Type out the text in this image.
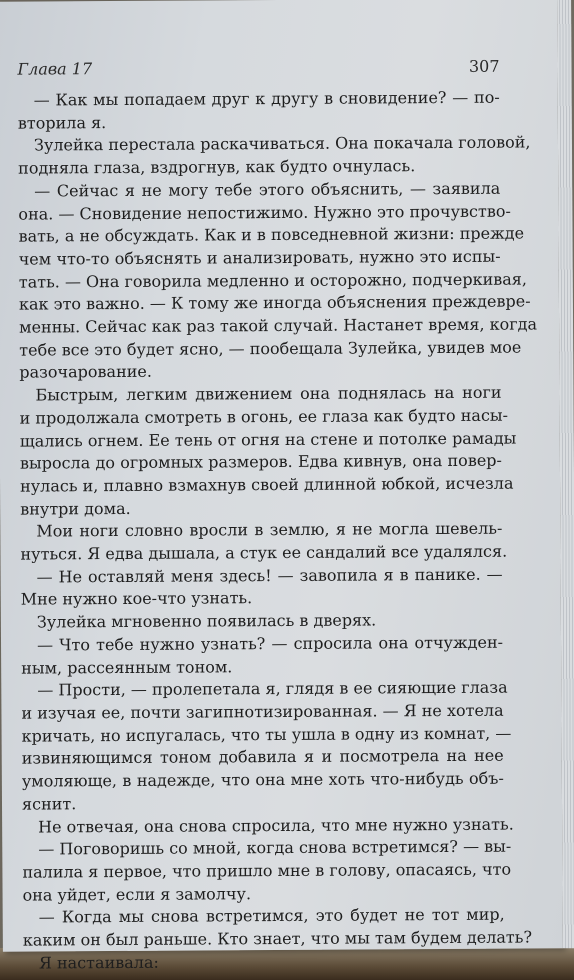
Глава 17	307
— Как мы попадаем друг к другу в сновидение? — по-
вторила я.
Зулейка перестала раскачиваться. Она покачала головой,
подняла глаза, вздрогнув, как будто очнулась.
— Сейчас я не могу тебе этого объяснить, — заявила
она. — Сновидение непостижимо. Нужно это прочувство-
вать, а не обсуждать. Как и в повседневной жизни: прежде
чем что-то объяснять и анализировать, нужно это испы-
тать. — Она говорила медленно и осторожно, подчеркивая,
как это важно. — К тому же иногда объяснения преждевре-
менны. Сейчас как раз такой случай. Настанет время, когда
тебе все это будет ясно, — пообещала Зулейка, увидев мое
разочарование.
Быстрым, легким движением она поднялась на ноги
и продолжала смотреть в огонь, ее глаза как будто насы-
щались огнем. Ее тень от огня на стене и потолке рамады
выросла до огромных размеров. Едва кивнув, она повер-
нулась и, плавно взмахнув своей длинной юбкой, исчезла
внутри дома.
Мои ноги словно вросли в землю, я не могла шевель-
нуться. Я едва дышала, а стук ее сандалий все удалялся.
— Не оставляй меня здесь! — завопила я в панике. —
Мне нужно кое-что узнать.
Зулейка мгновенно появилась в дверях.
— Что тебе нужно узнать? — спросила она отчужден-
ным, рассеянным тоном.
— Прости, — пролепетала я, глядя в ее сияющие глаза
и изучая ее, почти загипнотизированная. — Я не хотела
кричать, но испугалась, что ты ушла в одну из комнат, —
извиняющимся тоном добавила я и посмотрела на нее
умоляюще, в надежде, что она мне хоть что-нибудь объ-
яснит.
Не отвечая, она снова спросила, что мне нужно узнать.
— Поговоришь со мной, когда снова встретимся? — вы-
палила я первое, что пришло мне в голову, опасаясь, что
она уйдет, если я замолчу.
— Когда мы снова встретимся, это будет не тот мир,
каким он был раньше. Кто знает, что мы там будем делать?
Я настаивала:
